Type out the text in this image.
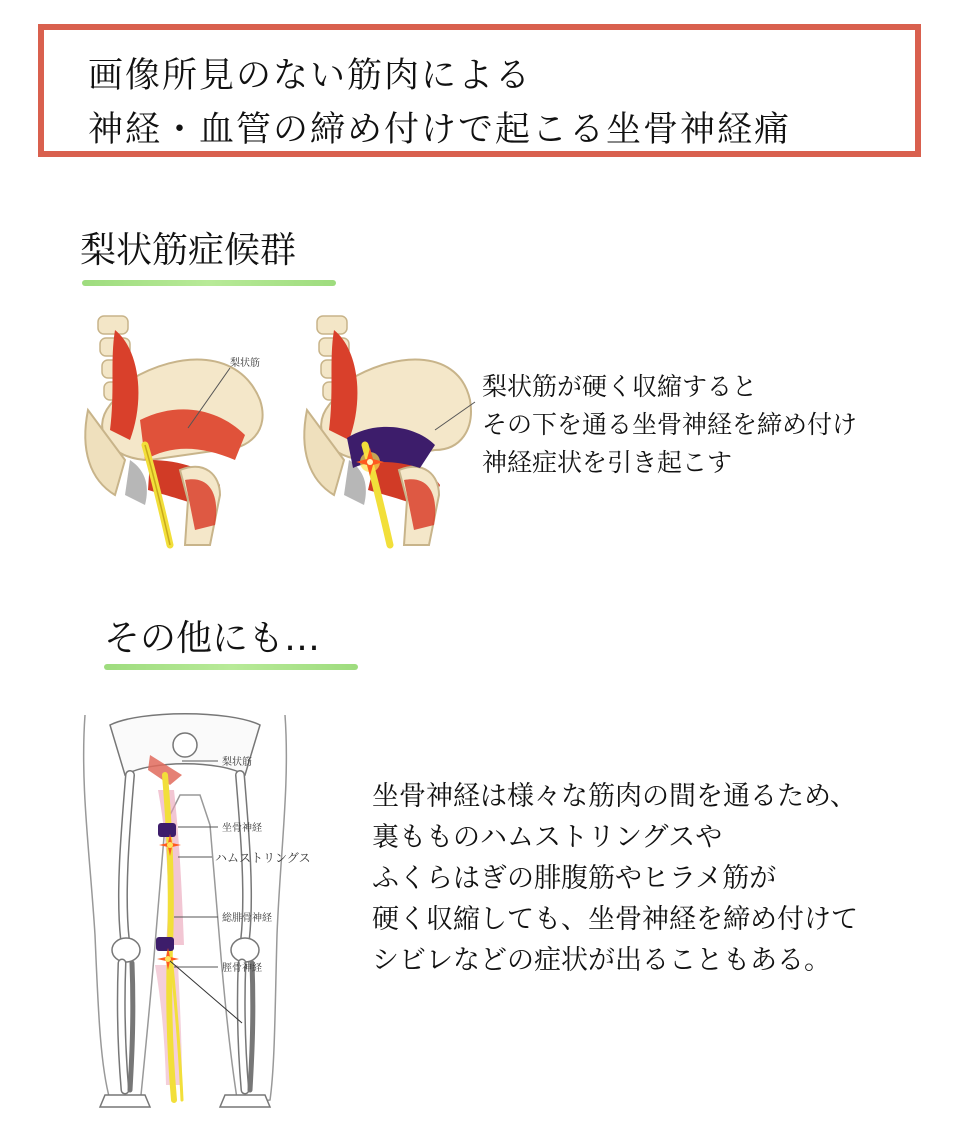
画像所見のない筋肉による
神経・血管の締め付けで起こる坐骨神経痛
梨状筋症候群
梨状筋
梨状筋が硬く収縮すると
その下を通る坐骨神経を締め付け
神経症状を引き起こす
その他にも…
梨状筋
坐骨神経
ハムストリングス
総腓骨神経
脛骨神経
坐骨神経は様々な筋肉の間を通るため、
裏もものハムストリングスや
ふくらはぎの腓腹筋やヒラメ筋が
硬く収縮しても、坐骨神経を締め付けて
シビレなどの症状が出ることもある。
